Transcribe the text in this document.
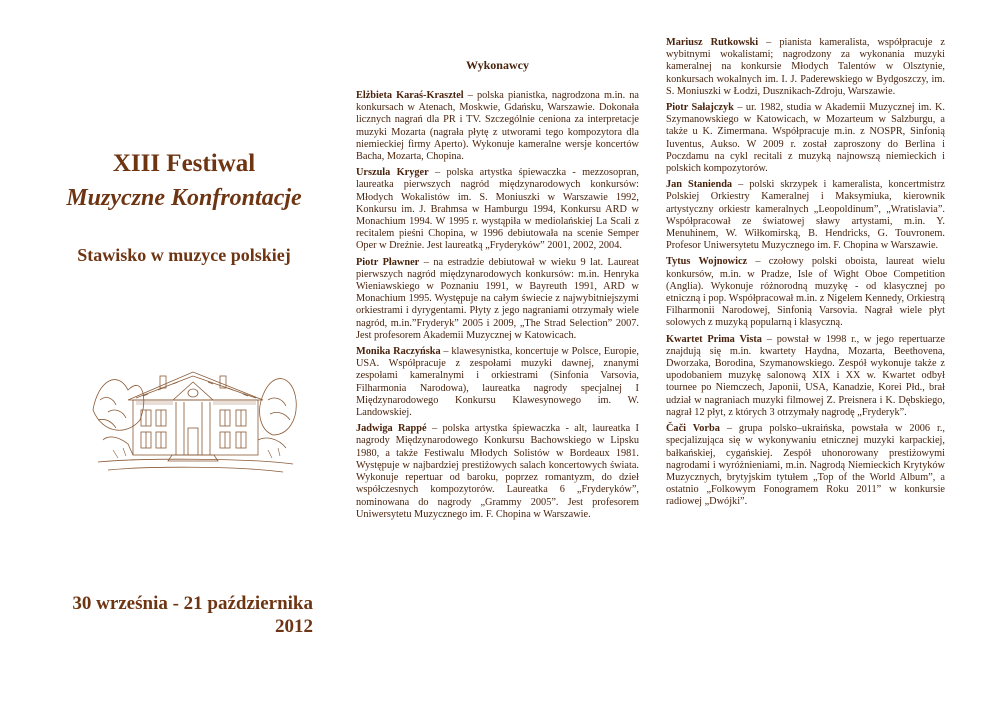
XIII Festiwal
Muzyczne Konfrontacje
Stawisko w muzyce polskiej
30 września - 21 października
2012
Wykonawcy

Elżbieta Karaś-Krasztel – polska pianistka, nagrodzona m.in. na konkursach w Atenach, Moskwie, Gdańsku, Warszawie. Dokonała licznych nagrań dla PR i TV. Szczególnie ceniona za interpretacje muzyki Mozarta (nagrała płytę z utworami tego kompozytora dla niemieckiej firmy Aperto). Wykonuje kameralne wersje koncertów Bacha, Mozarta, Chopina.

Urszula Kryger – polska artystka śpiewaczka - mezzosopran, laureatka pierwszych nagród międzynarodowych konkursów: Młodych Wokalistów im. S. Moniuszki w Warszawie 1992, Konkursu im. J. Brahmsa w Hamburgu 1994, Konkursu ARD w Monachium 1994. W 1995 r. wystąpiła w mediolańskiej La Scali z recitalem pieśni Chopina, w 1996 debiutowała na scenie Semper Oper w Dreźnie. Jest laureatką „Fryderyków” 2001, 2002, 2004.

Piotr Pławner – na estradzie debiutował w wieku 9 lat. Laureat pierwszych nagród międzynarodowych konkursów: m.in. Henryka Wieniawskiego w Poznaniu 1991, w Bayreuth 1991, ARD w Monachium 1995. Występuje na całym świecie z najwybitniejszymi orkiestrami i dyrygentami. Płyty z jego nagraniami otrzymały wiele nagród, m.in.”Fryderyk” 2005 i 2009, „The Strad Selection” 2007. Jest profesorem Akademii Muzycznej w Katowicach.

Monika Raczyńska – klawesynistka, koncertuje w Polsce, Europie, USA. Współpracuje z zespołami muzyki dawnej, znanymi zespołami kameralnymi i orkiestrami (Sinfonia Varsovia, Filharmonia Narodowa), laureatka nagrody specjalnej I Międzynarodowego Konkursu Klawesynowego im. W. Landowskiej.

Jadwiga Rappé – polska artystka śpiewaczka - alt, laureatka I nagrody Międzynarodowego Konkursu Bachowskiego w Lipsku 1980, a także Festiwalu Młodych Solistów w Bordeaux 1981. Występuje w najbardziej prestiżowych salach koncertowych świata. Wykonuje repertuar od baroku, poprzez romantyzm, do dzieł współczesnych kompozytorów. Laureatka 6 „Fryderyków”, nominowana do nagrody „Grammy 2005”. Jest profesorem Uniwersytetu Muzycznego im. F. Chopina w Warszawie.

Mariusz Rutkowski – pianista kameralista, współpracuje z wybitnymi wokalistami; nagrodzony za wykonania muzyki kameralnej na konkursie Młodych Talentów w Olsztynie, konkursach wokalnych im. I. J. Paderewskiego w Bydgoszczy, im. S. Moniuszki w Łodzi, Dusznikach-Zdroju, Warszawie.

Piotr Sałajczyk – ur. 1982, studia w Akademii Muzycznej im. K. Szymanowskiego w Katowicach, w Mozarteum w Salzburgu, a także u K. Zimermana. Współpracuje m.in. z NOSPR, Sinfonią Iuventus, Aukso. W 2009 r. został zaproszony do Berlina i Poczdamu na cykl recitali z muzyką najnowszą niemieckich i polskich kompozytorów.

Jan Stanienda – polski skrzypek i kameralista, koncertmistrz Polskiej Orkiestry Kameralnej i Maksymiuka, kierownik artystyczny orkiestr kameralnych „Leopoldinum”, „Wratislavia”. Współpracował ze światowej sławy artystami, m.in. Y. Menuhinem, W. Wiłkomirską, B. Hendricks, G. Touvronem. Profesor Uniwersytetu Muzycznego im. F. Chopina w Warszawie.

Tytus Wojnowicz – czołowy polski oboista, laureat wielu konkursów, m.in. w Pradze, Isle of Wight Oboe Competition (Anglia). Wykonuje różnorodną muzykę - od klasycznej po etniczną i pop. Współpracował m.in. z Nigelem Kennedy, Orkiestrą Filharmonii Narodowej, Sinfonią Varsovia. Nagrał wiele płyt solowych z muzyką popularną i klasyczną.

Kwartet Prima Vista – powstał w 1998 r., w jego repertuarze znajdują się m.in. kwartety Haydna, Mozarta, Beethovena, Dworzaka, Borodina, Szymanowskiego. Zespół wykonuje także z upodobaniem muzykę salonową XIX i XX w. Kwartet odbył tournee po Niemczech, Japonii, USA, Kanadzie, Korei Płd., brał udział w nagraniach muzyki filmowej Z. Preisnera i K. Dębskiego, nagrał 12 płyt, z których 3 otrzymały nagrodę „Fryderyk”.

Čači Vorba – grupa polsko–ukraińska, powstała w 2006 r., specjalizująca się w wykonywaniu etnicznej muzyki karpackiej, bałkańskiej, cygańskiej. Zespół uhonorowany prestiżowymi nagrodami i wyróżnieniami, m.in. Nagrodą Niemieckich Krytyków Muzycznych, brytyjskim tytułem „Top of the World Album”, a ostatnio „Folkowym Fonogramem Roku 2011” w konkursie radiowej „Dwójki”.
